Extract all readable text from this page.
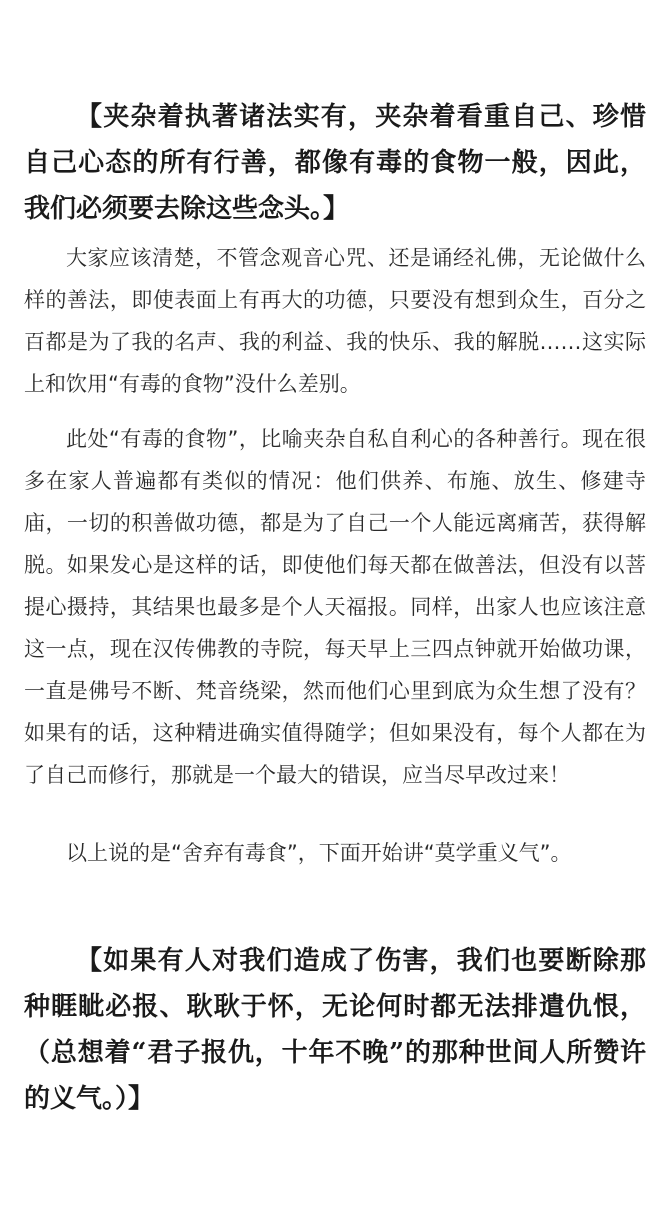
【夹杂着执著诸法实有，夹杂着看重自己、珍惜自己心态的所有行善，都像有毒的食物一般，因此，我们必须要去除这些念头。】

大家应该清楚，不管念观音心咒、还是诵经礼佛，无论做什么样的善法，即使表面上有再大的功德，只要没有想到众生，百分之百都是为了我的名声、我的利益、我的快乐、我的解脱……这实际上和饮用“有毒的食物”没什么差别。

此处“有毒的食物”，比喻夹杂自私自利心的各种善行。现在很多在家人普遍都有类似的情况：他们供养、布施、放生、修建寺庙，一切的积善做功德，都是为了自己一个人能远离痛苦，获得解脱。如果发心是这样的话，即使他们每天都在做善法，但没有以菩提心摄持，其结果也最多是个人天福报。同样，出家人也应该注意这一点，现在汉传佛教的寺院，每天早上三四点钟就开始做功课，一直是佛号不断、梵音绕梁，然而他们心里到底为众生想了没有？如果有的话，这种精进确实值得随学；但如果没有，每个人都在为了自己而修行，那就是一个最大的错误，应当尽早改过来！

以上说的是“舍弃有毒食”，下面开始讲“莫学重义气”。

【如果有人对我们造成了伤害，我们也要断除那种睚眦必报、耿耿于怀，无论何时都无法排遣仇恨，（总想着“君子报仇，十年不晚”的那种世间人所赞许的义气。）】
